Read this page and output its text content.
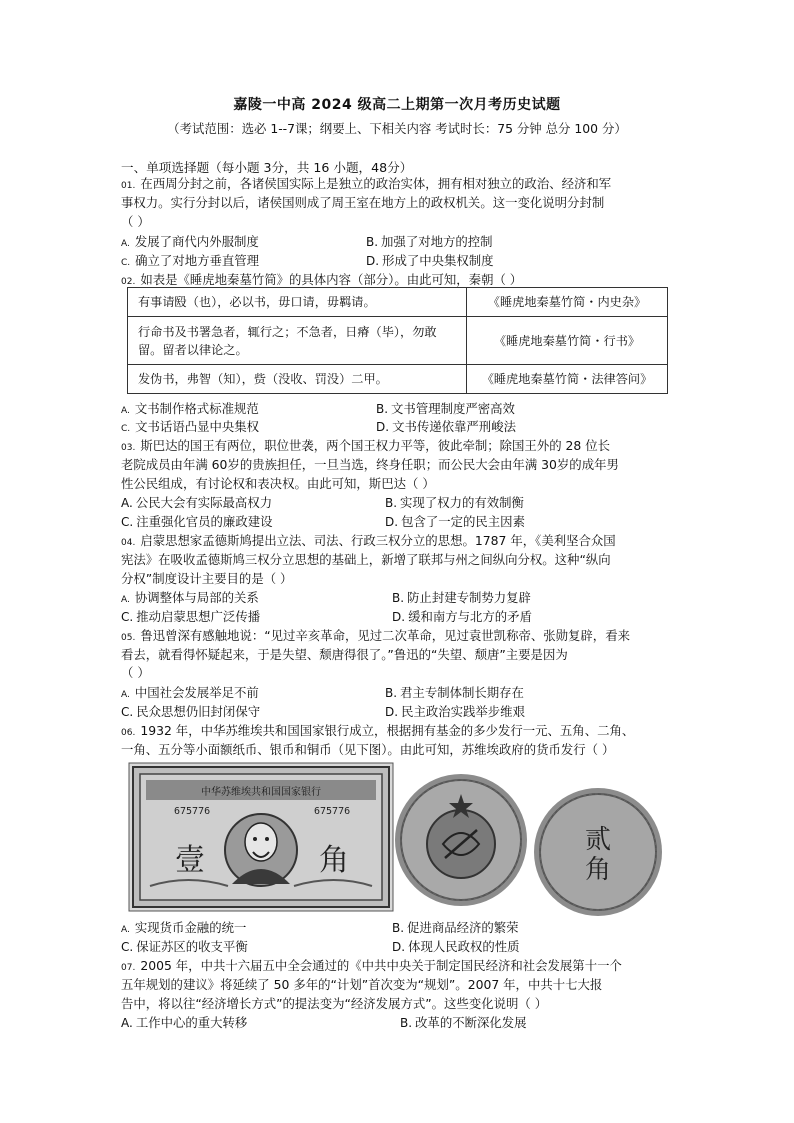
嘉陵一中高 2024 级高二上期第一次月考历史试题
（考试范围：选必 1--7课；纲要上、下相关内容 考试时长：75 分钟 总分 100 分）
一、单项选择题（每小题 3分，共 16 小题，48分）
01. 在西周分封之前，各诸侯国实际上是独立的政治实体，拥有相对独立的政治、经济和军
事权力。实行分封以后，诸侯国则成了周王室在地方上的政权机关。这一变化说明分封制
（ ）
A. 发展了商代内外服制度	B. 加强了对地方的控制
C. 确立了对地方垂直管理	D. 形成了中央集权制度
02. 如表是《睡虎地秦墓竹简》的具体内容（部分）。由此可知，秦朝（ ）
有事请殹（也），必以书，毋口请，毋羁请。	《睡虎地秦墓竹简・内史杂》

行命书及书署急者，辄行之；不急者，日瘠（毕），勿敢留。留者以律论之。	《睡虎地秦墓竹简・行书》
发伪书，弗智（知），赀（没收、罚没）二甲。	《睡虎地秦墓竹简・法律答问》
A. 文书制作格式标准规范	B. 文书管理制度严密高效
C. 文书话语凸显中央集权	D. 文书传递依靠严刑峻法
03. 斯巴达的国王有两位，职位世袭，两个国王权力平等，彼此牵制；除国王外的 28 位长
老院成员由年满 60岁的贵族担任，一旦当选，终身任职；而公民大会由年满 30岁的成年男
性公民组成，有讨论权和表决权。由此可知，斯巴达（ ）
A. 公民大会有实际最高权力	B. 实现了权力的有效制衡
C. 注重强化官员的廉政建设	D. 包含了一定的民主因素
04. 启蒙思想家孟德斯鸠提出立法、司法、行政三权分立的思想。1787 年，《美利坚合众国
宪法》在吸收孟德斯鸠三权分立思想的基础上，新增了联邦与州之间纵向分权。这种“纵向
分权”制度设计主要目的是（ ）
A. 协调整体与局部的关系	B. 防止封建专制势力复辟
C. 推动启蒙思想广泛传播	D. 缓和南方与北方的矛盾
05. 鲁迅曾深有感触地说：“见过辛亥革命，见过二次革命，见过袁世凯称帝、张勋复辟，看来
看去，就看得怀疑起来，于是失望、颓唐得很了。”鲁迅的“失望、颓唐”主要是因为
（ ）
A. 中国社会发展举足不前	B. 君主专制体制长期存在
C. 民众思想仍旧封闭保守	D. 民主政治实践举步维艰
06. 1932 年，中华苏维埃共和国国家银行成立，根据拥有基金的多少发行一元、五角、二角、
一角、五分等小面额纸币、银币和铜币（见下图）。由此可知，苏维埃政府的货币发行（ ）
中华苏维埃共和国国家银行
675776	675776
壹	角
贰
角
A. 实现货币金融的统一	B. 促进商品经济的繁荣
C. 保证苏区的收支平衡	D. 体现人民政权的性质
07. 2005 年，中共十六届五中全会通过的《中共中央关于制定国民经济和社会发展第十一个
五年规划的建议》将延续了 50 多年的“计划”首次变为“规划”。2007 年，中共十七大报
告中，将以往“经济增长方式”的提法变为“经济发展方式”。这些变化说明（ ）
A. 工作中心的重大转移	B. 改革的不断深化发展
